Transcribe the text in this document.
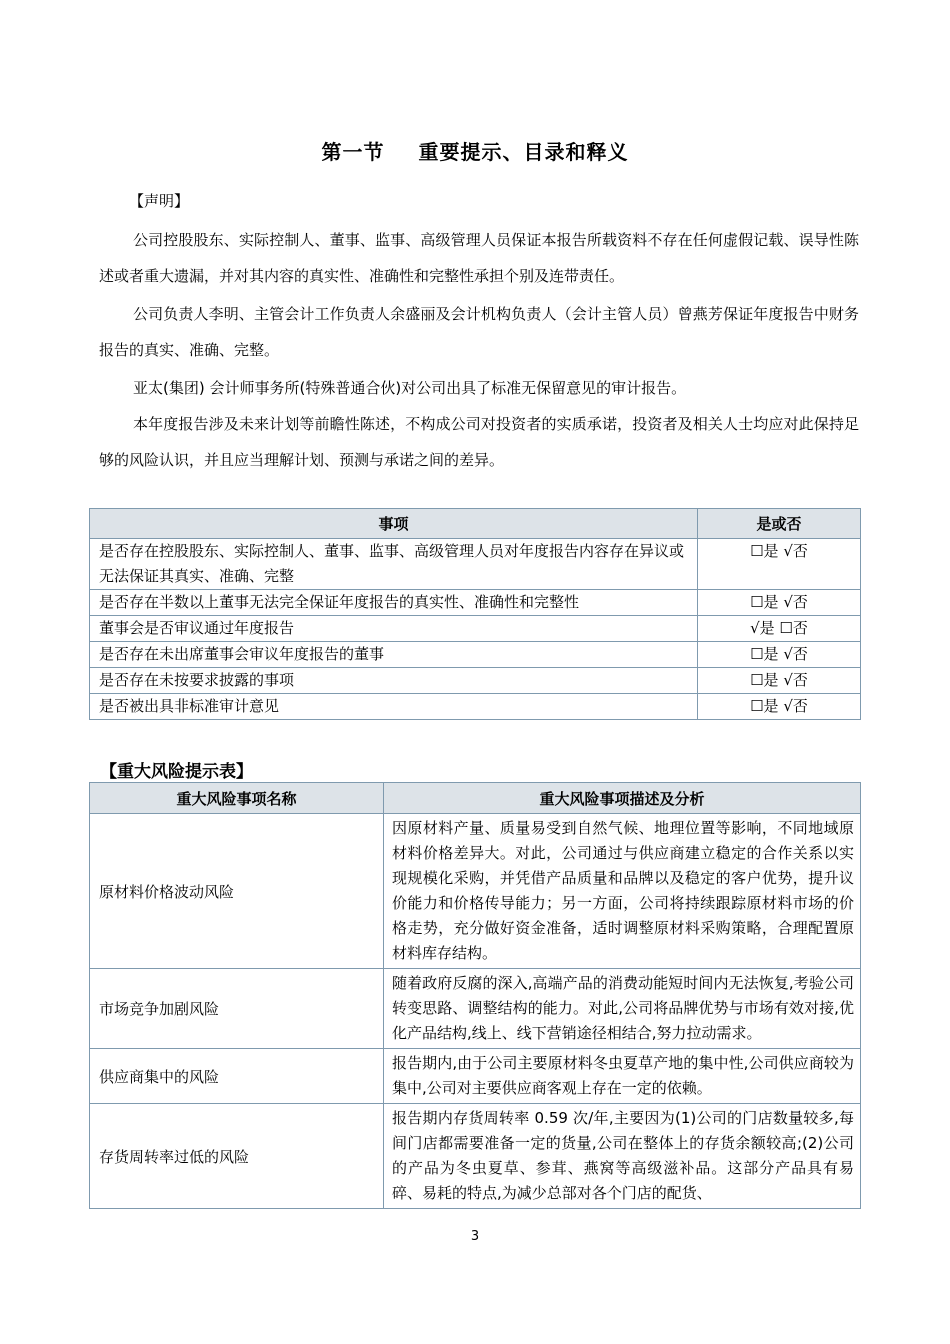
第一节 重要提示、目录和释义
【声明】
公司控股股东、实际控制人、董事、监事、高级管理人员保证本报告所载资料不存在任何虚假记载、误导性陈述或者重大遗漏，并对其内容的真实性、准确性和完整性承担个别及连带责任。
公司负责人李明、主管会计工作负责人余盛丽及会计机构负责人（会计主管人员）曾燕芳保证年度报告中财务报告的真实、准确、完整。
亚太(集团) 会计师事务所(特殊普通合伙)对公司出具了标准无保留意见的审计报告。
本年度报告涉及未来计划等前瞻性陈述，不构成公司对投资者的实质承诺，投资者及相关人士均应对此保持足够的风险认识，并且应当理解计划、预测与承诺之间的差异。
事项	是或否
是否存在控股股东、实际控制人、董事、监事、高级管理人员对年度报告内容存在异议或无法保证其真实、准确、完整	☐是 √否
是否存在半数以上董事无法完全保证年度报告的真实性、准确性和完整性	☐是 √否
董事会是否审议通过年度报告	√是 ☐否
是否存在未出席董事会审议年度报告的董事	☐是 √否
是否存在未按要求披露的事项	☐是 √否
是否被出具非标准审计意见	☐是 √否
【重大风险提示表】
重大风险事项名称	重大风险事项描述及分析
原材料价格波动风险	因原材料产量、质量易受到自然气候、地理位置等影响，不同地域原材料价格差异大。对此，公司通过与供应商建立稳定的合作关系以实现规模化采购，并凭借产品质量和品牌以及稳定的客户优势，提升议价能力和价格传导能力；另一方面，公司将持续跟踪原材料市场的价格走势，充分做好资金准备，适时调整原材料采购策略，合理配置原材料库存结构。
市场竞争加剧风险	随着政府反腐的深入,高端产品的消费动能短时间内无法恢复,考验公司转变思路、调整结构的能力。对此,公司将品牌优势与市场有效对接,优化产品结构,线上、线下营销途径相结合,努力拉动需求。
供应商集中的风险	报告期内,由于公司主要原材料冬虫夏草产地的集中性,公司供应商较为集中,公司对主要供应商客观上存在一定的依赖。
存货周转率过低的风险	报告期内存货周转率 0.59 次/年,主要因为(1)公司的门店数量较多,每间门店都需要准备一定的货量,公司在整体上的存货余额较高;(2)公司的产品为冬虫夏草、参茸、燕窝等高级滋补品。这部分产品具有易碎、易耗的特点,为减少总部对各个门店的配货、
3
